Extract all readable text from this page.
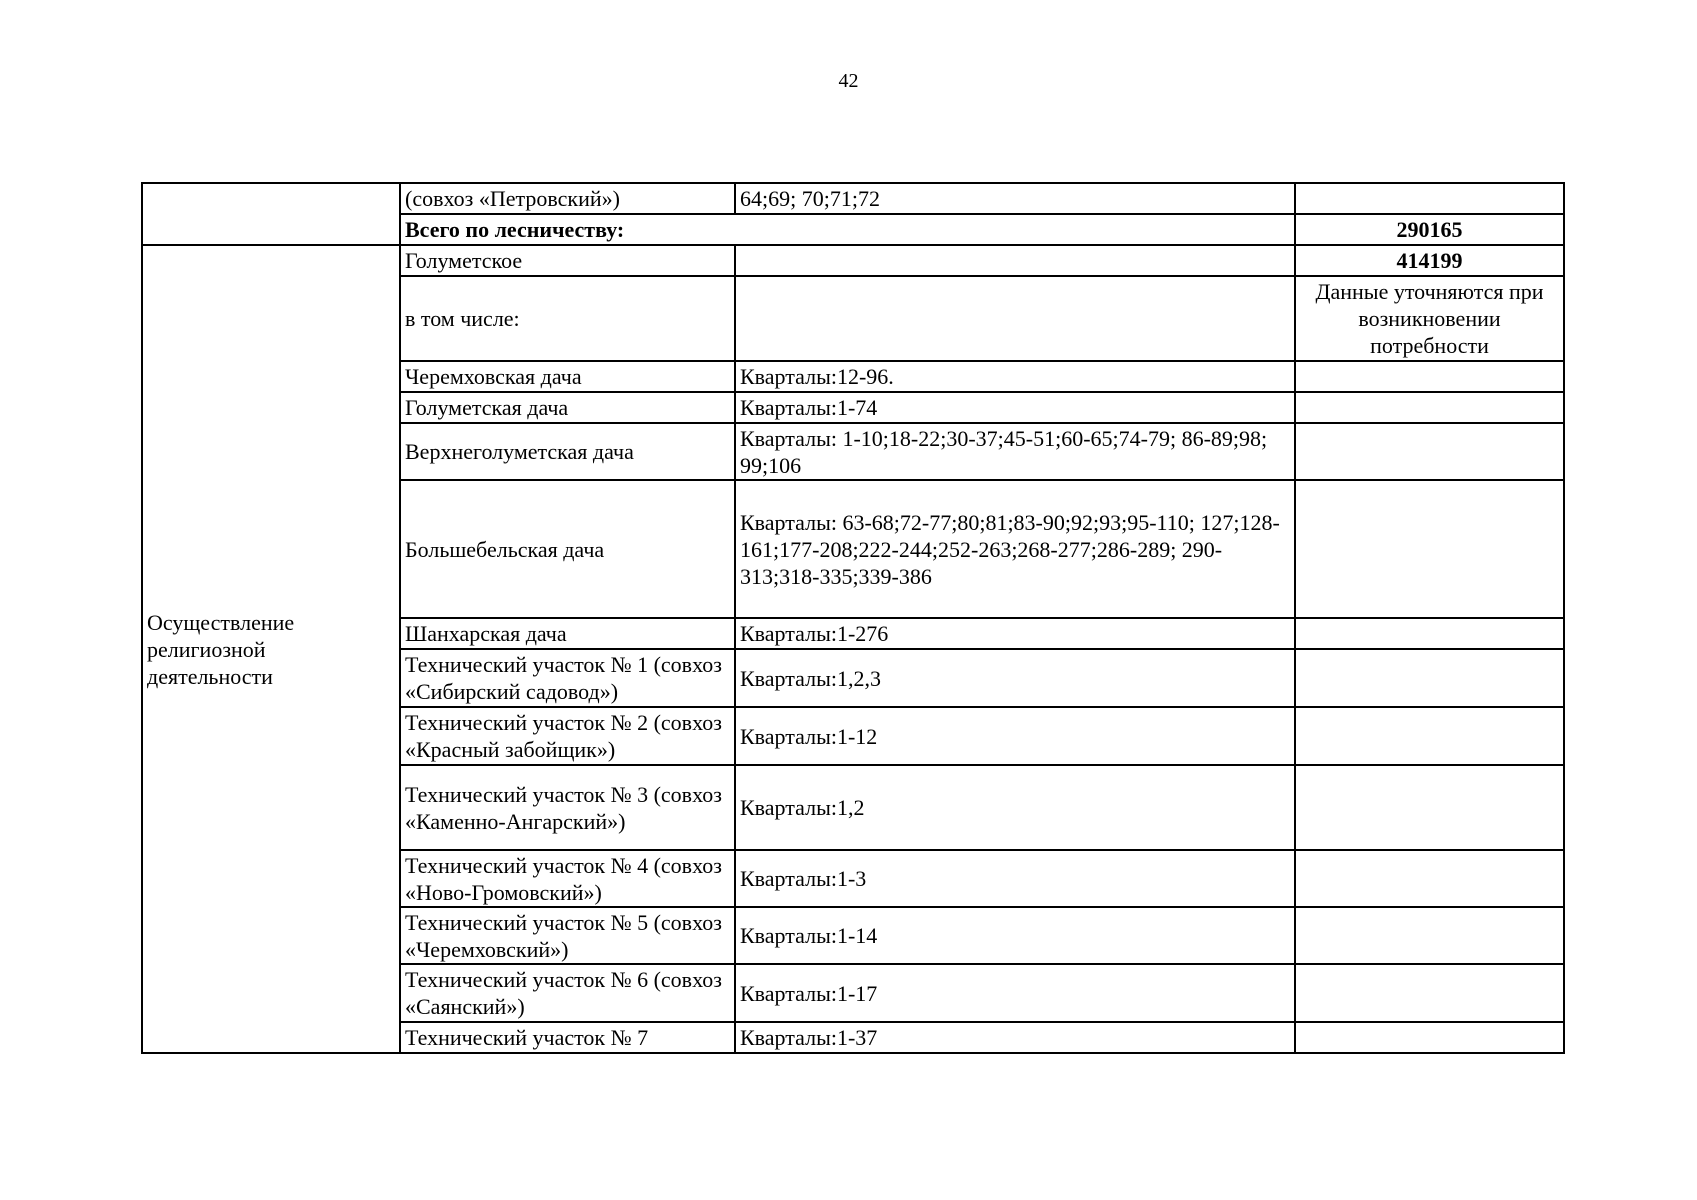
42
	(совхоз «Петровский»)	64;69; 70;71;72	
	Всего по лесничеству:		290165
Осуществление религиозной деятельности	Голуметское		414199
	в том числе:		Данные уточняются при возникновении потребности
	Черемховская дача	Кварталы:12-96.	
	Голуметская дача	Кварталы:1-74	
	Верхнеголуметская дача	Кварталы: 1-10;18-22;30-37;45-51;60-65;74-79; 86-89;98; 99;106	
	Большебельская дача	Кварталы: 63-68;72-77;80;81;83-90;92;93;95-110; 127;128-161;177-208;222-244;252-263;268-277;286-289; 290-313;318-335;339-386	
	Шанхарская дача	Кварталы:1-276	
	Технический участок № 1 (совхоз «Сибирский садовод»)	Кварталы:1,2,3	
	Технический участок № 2 (совхоз «Красный забойщик»)	Кварталы:1-12	
	Технический участок № 3 (совхоз «Каменно-Ангарский»)	Кварталы:1,2	
	Технический участок № 4 (совхоз «Ново-Громовский»)	Кварталы:1-3	
	Технический участок № 5 (совхоз «Черемховский»)	Кварталы:1-14	
	Технический участок № 6 (совхоз «Саянский»)	Кварталы:1-17	
	Технический участок № 7	Кварталы:1-37	
